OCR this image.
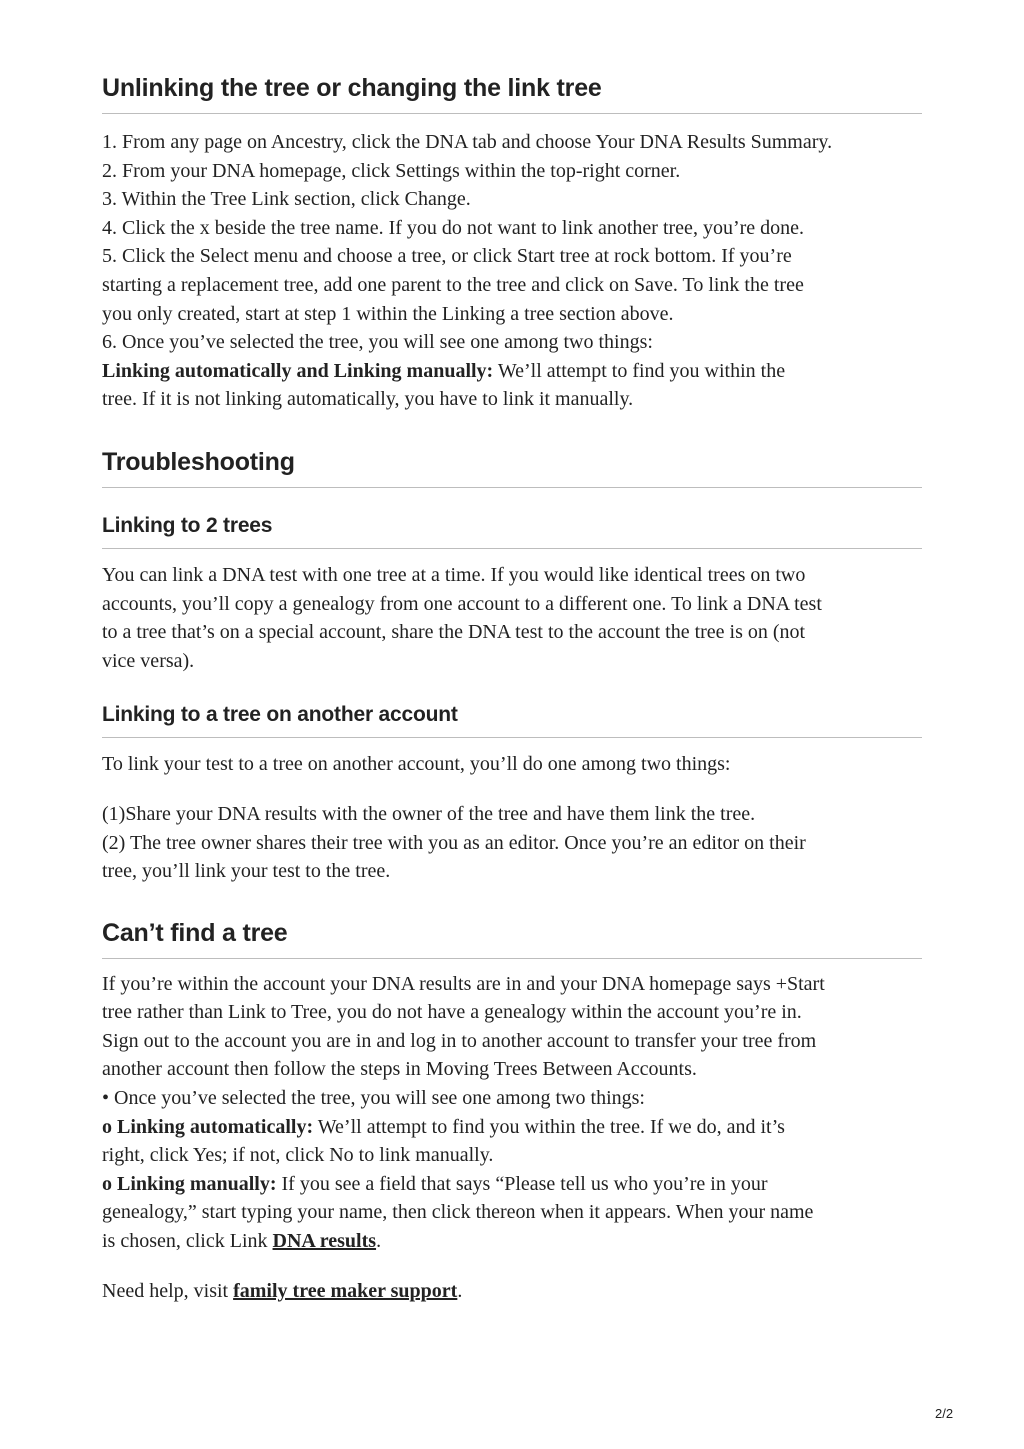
Unlinking the tree or changing the link tree

1. From any page on Ancestry, click the DNA tab and choose Your DNA Results Summary.
2. From your DNA homepage, click Settings within the top-right corner.
3. Within the Tree Link section, click Change.
4. Click the x beside the tree name. If you do not want to link another tree, you’re done.
5. Click the Select menu and choose a tree, or click Start tree at rock bottom. If you’re
starting a replacement tree, add one parent to the tree and click on Save. To link the tree
you only created, start at step 1 within the Linking a tree section above.
6. Once you’ve selected the tree, you will see one among two things:
Linking automatically and Linking manually: We’ll attempt to find you within the
tree. If it is not linking automatically, you have to link it manually.

Troubleshooting
Linking to 2 trees

You can link a DNA test with one tree at a time. If you would like identical trees on two
accounts, you’ll copy a genealogy from one account to a different one. To link a DNA test
to a tree that’s on a special account, share the DNA test to the account the tree is on (not
vice versa).

Linking to a tree on another account

To link your test to a tree on another account, you’ll do one among two things:

(1)Share your DNA results with the owner of the tree and have them link the tree.
(2) The tree owner shares their tree with you as an editor. Once you’re an editor on their
tree, you’ll link your test to the tree.

Can’t find a tree

If you’re within the account your DNA results are in and your DNA homepage says +Start
tree rather than Link to Tree, you do not have a genealogy within the account you’re in.
Sign out to the account you are in and log in to another account to transfer your tree from
another account then follow the steps in Moving Trees Between Accounts.
• Once you’ve selected the tree, you will see one among two things:
o Linking automatically: We’ll attempt to find you within the tree. If we do, and it’s
right, click Yes; if not, click No to link manually.
o Linking manually: If you see a field that says “Please tell us who you’re in your
genealogy,” start typing your name, then click thereon when it appears. When your name
is chosen, click Link DNA results.

Need help, visit family tree maker support.

2/2
